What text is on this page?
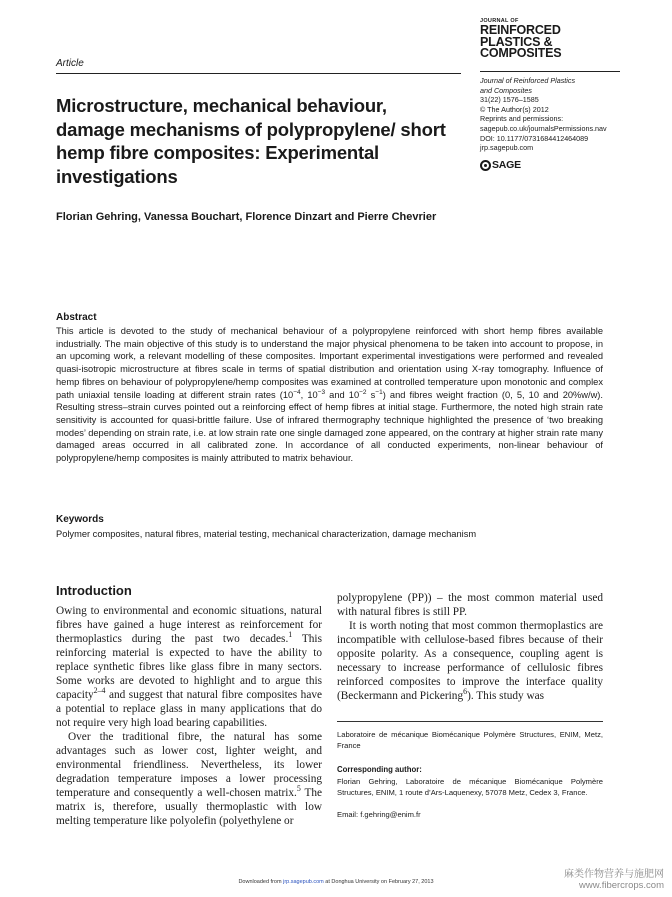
Article
JOURNAL OF
REINFORCED
PLASTICS &
COMPOSITES
Journal of Reinforced Plastics
and Composites
31(22) 1576–1585
© The Author(s) 2012
Reprints and permissions:
sagepub.co.uk/journalsPermissions.nav
DOI: 10.1177/0731684412464089
jrp.sagepub.com
SAGE
Microstructure, mechanical behaviour, damage mechanisms of polypropylene/ short hemp fibre composites: Experimental investigations
Florian Gehring, Vanessa Bouchart, Florence Dinzart and Pierre Chevrier
Abstract
This article is devoted to the study of mechanical behaviour of a polypropylene reinforced with short hemp fibres available industrially. The main objective of this study is to understand the major physical phenomena to be taken into account to propose, in an upcoming work, a relevant modelling of these composites. Important experimental investigations were performed and revealed quasi-isotropic microstructure at fibres scale in terms of spatial distribution and orientation using X-ray tomography. Influence of hemp fibres on behaviour of polypropylene/hemp composites was examined at controlled temperature upon monotonic and complex path uniaxial tensile loading at different strain rates ($10^{-4}$, $10^{-3}$ and $10^{-2}$ $s^{-1}$) and fibres weight fraction (0, 5, 10 and 20%w/w). Resulting stress–strain curves pointed out a reinforcing effect of hemp fibres at initial stage. Furthermore, the noted high strain rate sensitivity is accounted for quasi-brittle failure. Use of infrared thermography technique highlighted the presence of ‘two breaking modes’ depending on strain rate, i.e. at low strain rate one single damaged zone appeared, on the contrary at higher strain rate many damaged areas occurred in all calibrated zone. In accordance of all conducted experiments, non-linear behaviour of polypropylene/hemp composites is mainly attributed to matrix behaviour.
Keywords
Polymer composites, natural fibres, material testing, mechanical characterization, damage mechanism
Introduction

Owing to environmental and economic situations, natural fibres have gained a huge interest as reinforcement for thermoplastics during the past two decades.$^1$ This reinforcing material is expected to have the ability to replace synthetic fibres like glass fibre in many sectors. Some works are devoted to highlight and to argue this capacity$^{2-4}$ and suggest that natural fibre composites have a potential to replace glass in many applications that do not require very high load bearing capabilities.

Over the traditional fibre, the natural has some advantages such as lower cost, lighter weight, and environmental friendliness. Nevertheless, its lower degradation temperature imposes a lower processing temperature and consequently a well-chosen matrix.$^5$ The matrix is, therefore, usually thermoplastic with low melting temperature like polyolefin (polyethylene or

polypropylene (PP)) – the most common material used with natural fibres is still PP.

It is worth noting that most common thermoplastics are incompatible with cellulose-based fibres because of their opposite polarity. As a consequence, coupling agent is necessary to increase performance of cellulosic fibres reinforced composites to improve the interface quality (Beckermann and Pickering$^6$). This study was

Laboratoire de mécanique Biomécanique Polymère Structures, ENIM, Metz, France
Corresponding author:
Florian Gehring, Laboratoire de mécanique Biomécanique Polymère Structures, ENIM, 1 route d’Ars-Laquenexy, 57078 Metz, Cedex 3, France.
Email: f.gehring@enim.fr
Downloaded from jrp.sagepub.com at Donghua University on February 27, 2013
麻类作物营养与施肥网
www.fibercrops.com
